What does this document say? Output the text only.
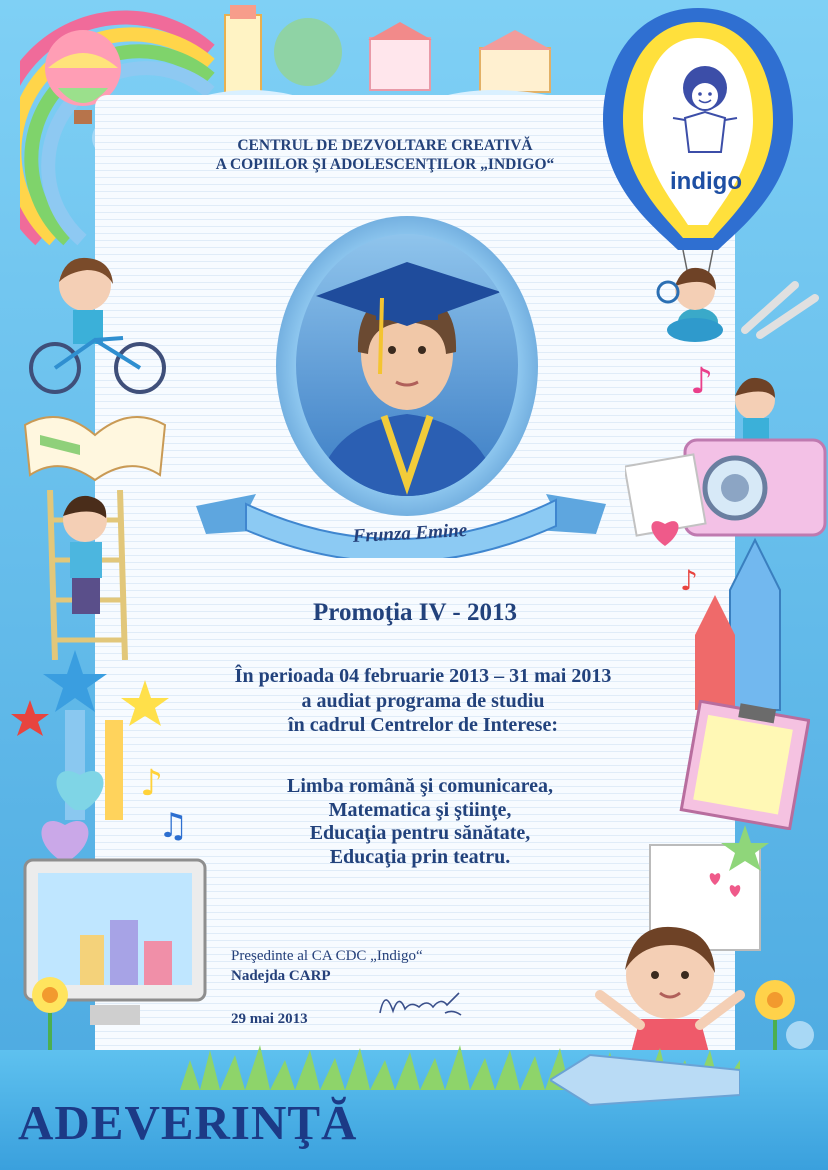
indigo
CENTRUL DE DEZVOLTARE CREATIVĂ
A COPIILOR ŞI ADOLESCENŢILOR „INDIGO“
Frunza Emine
Promoţia IV - 2013
În perioada 04 februarie 2013 – 31 mai 2013
a audiat programa de studiu
în cadrul Centrelor de Interese:
Limba română şi comunicarea,
Matematica şi ştiinţe,
Educaţia pentru sănătate,
Educaţia prin teatru.
Preşedinte al CA CDC „Indigo“
Nadejda CARP
29 mai 2013
♪
♫
♪
♪
ADEVERINŢĂ
